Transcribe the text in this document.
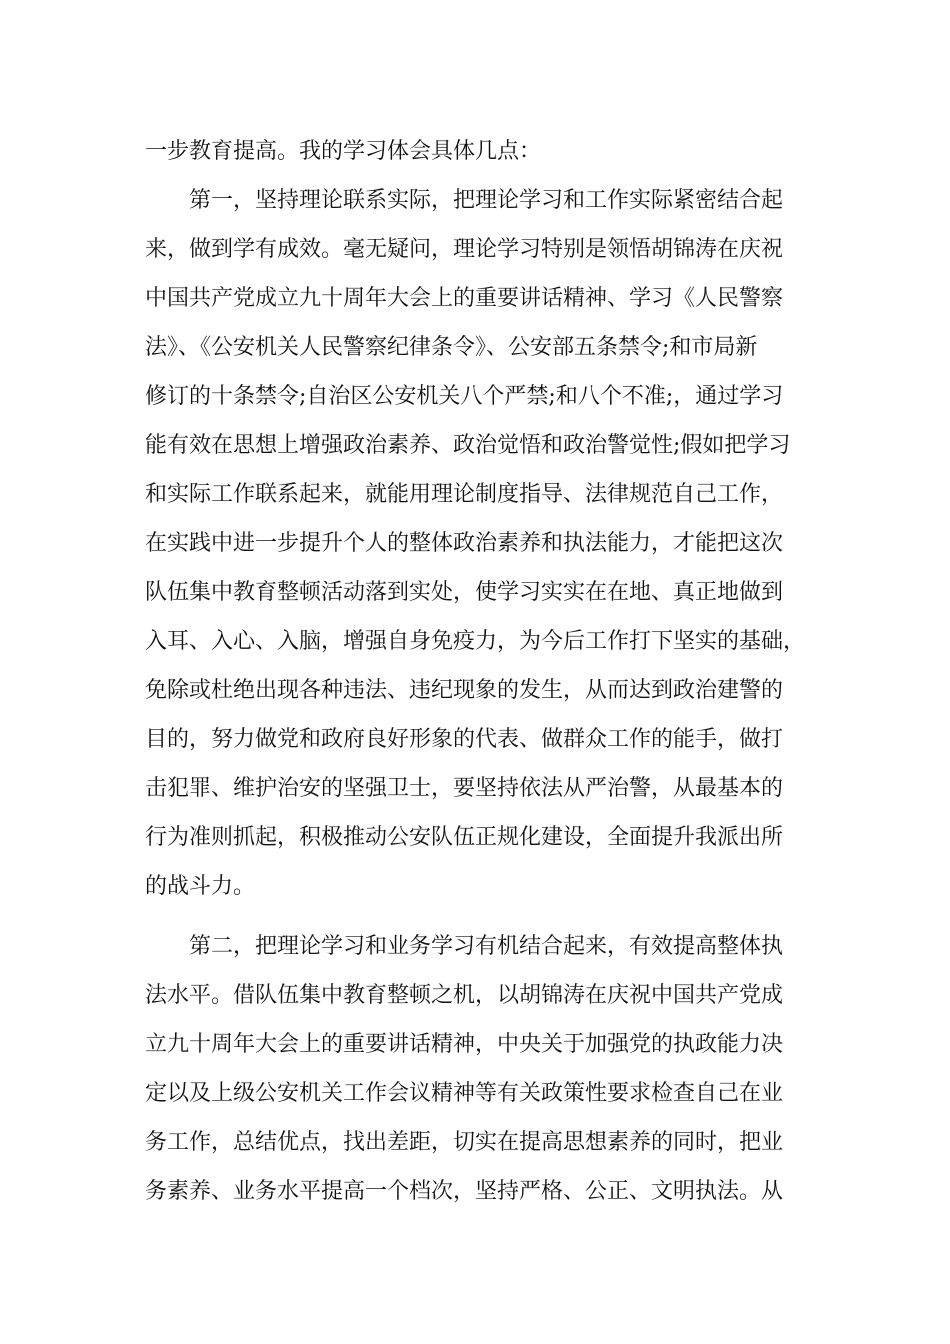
一步教育提高。我的学习体会具体几点：
　　第一，坚持理论联系实际，把理论学习和工作实际紧密结合起
来，做到学有成效。毫无疑问，理论学习特别是领悟胡锦涛在庆祝
中国共产党成立九十周年大会上的重要讲话精神、学习《人民警察
法》、《公安机关人民警察纪律条令》、公安部五条禁令;和市局新
修订的十条禁令;自治区公安机关八个严禁;和八个不准;，通过学习
能有效在思想上增强政治素养、政治觉悟和政治警觉性;假如把学习
和实际工作联系起来，就能用理论制度指导、法律规范自己工作，
在实践中进一步提升个人的整体政治素养和执法能力，才能把这次
队伍集中教育整顿活动落到实处，使学习实实在在地、真正地做到
入耳、入心、入脑，增强自身免疫力，为今后工作打下坚实的基础，
免除或杜绝出现各种违法、违纪现象的发生，从而达到政治建警的
目的，努力做党和政府良好形象的代表、做群众工作的能手，做打
击犯罪、维护治安的坚强卫士，要坚持依法从严治警，从最基本的
行为准则抓起，积极推动公安队伍正规化建设，全面提升我派出所
的战斗力。
　　第二，把理论学习和业务学习有机结合起来，有效提高整体执
法水平。借队伍集中教育整顿之机，以胡锦涛在庆祝中国共产党成
立九十周年大会上的重要讲话精神，中央关于加强党的执政能力决
定以及上级公安机关工作会议精神等有关政策性要求检查自己在业
务工作，总结优点，找出差距，切实在提高思想素养的同时，把业
务素养、业务水平提高一个档次，坚持严格、公正、文明执法。从
